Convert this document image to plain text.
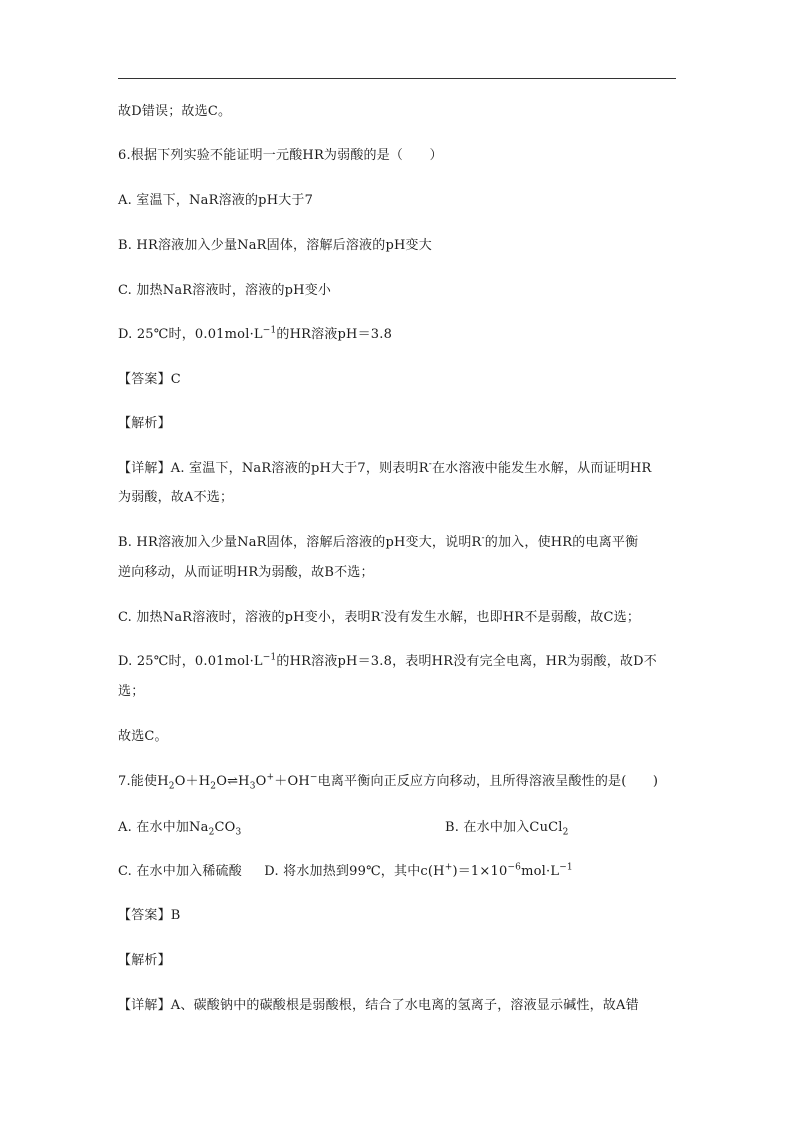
故D错误；故选C。
6.根据下列实验不能证明一元酸HR为弱酸的是（　　）
A. 室温下，NaR溶液的pH大于7
B. HR溶液加入少量NaR固体，溶解后溶液的pH变大
C. 加热NaR溶液时，溶液的pH变小
D. 25℃时，$0.01mol\cdot L^{-1}$的HR溶液pH＝3.8
【答案】C
【解析】
【详解】A. 室温下，NaR溶液的pH大于7，则表明R-在水溶液中能发生水解，从而证明HR
为弱酸，故A不选；
B. HR溶液加入少量NaR固体，溶解后溶液的pH变大，说明R-的加入，使HR的电离平衡
逆向移动，从而证明HR为弱酸，故B不选；
C. 加热NaR溶液时，溶液的pH变小，表明R-没有发生水解，也即HR不是弱酸，故C选；
D. 25℃时，$0.01mol\cdot L^{-1}$的HR溶液pH＝3.8，表明HR没有完全电离，HR为弱酸，故D不
选；
故选C。
7.能使$H_2O+H_2O\rightleftharpoons H_3O^++OH^-$电离平衡向正反应方向移动，且所得溶液呈酸性的是(　　)
A. 在水中加$Na_2CO_3$	B. 在水中加入CuCl$_2$
C. 在水中加入稀硫酸 D. 将水加热到99℃，其中$c(H^+)=1\times 10^{-6}mol\cdot L^{-1}$
【答案】B
【解析】
【详解】A、碳酸钠中的碳酸根是弱酸根，结合了水电离的氢离子，溶液显示碱性，故A错
